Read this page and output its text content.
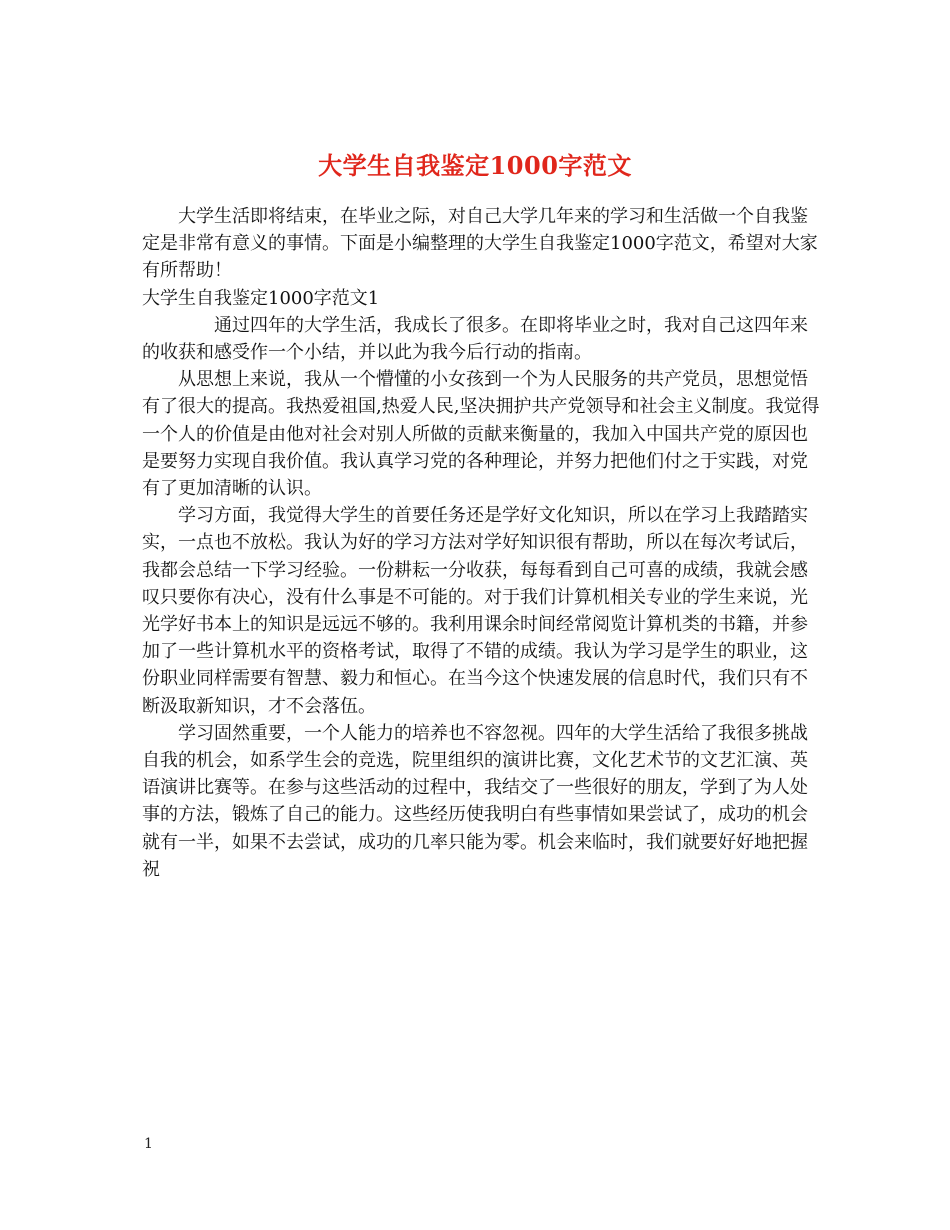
大学生自我鉴定1000字范文

大学生活即将结束，在毕业之际，对自己大学几年来的学习和生活做一个自我鉴定是非常有意义的事情。下面是小编整理的大学生自我鉴定1000字范文，希望对大家有所帮助！

大学生自我鉴定1000字范文1

通过四年的大学生活，我成长了很多。在即将毕业之时，我对自己这四年来的收获和感受作一个小结，并以此为我今后行动的指南。

从思想上来说，我从一个懵懂的小女孩到一个为人民服务的共产党员，思想觉悟有了很大的提高。我热爱祖国,热爱人民,坚决拥护共产党领导和社会主义制度。我觉得一个人的价值是由他对社会对别人所做的贡献来衡量的，我加入中国共产党的原因也是要努力实现自我价值。我认真学习党的各种理论，并努力把他们付之于实践，对党有了更加清晰的认识。

学习方面，我觉得大学生的首要任务还是学好文化知识，所以在学习上我踏踏实实，一点也不放松。我认为好的学习方法对学好知识很有帮助，所以在每次考试后，我都会总结一下学习经验。一份耕耘一分收获，每每看到自己可喜的成绩，我就会感叹只要你有决心，没有什么事是不可能的。对于我们计算机相关专业的学生来说，光光学好书本上的知识是远远不够的。我利用课余时间经常阅览计算机类的书籍，并参加了一些计算机水平的资格考试，取得了不错的成绩。我认为学习是学生的职业，这份职业同样需要有智慧、毅力和恒心。在当今这个快速发展的信息时代，我们只有不断汲取新知识，才不会落伍。

学习固然重要，一个人能力的培养也不容忽视。四年的大学生活给了我很多挑战自我的机会，如系学生会的竞选，院里组织的演讲比赛，文化艺术节的文艺汇演、英语演讲比赛等。在参与这些活动的过程中，我结交了一些很好的朋友，学到了为人处事的方法，锻炼了自己的能力。这些经历使我明白有些事情如果尝试了，成功的机会就有一半，如果不去尝试，成功的几率只能为零。机会来临时，我们就要好好地把握祝

1
